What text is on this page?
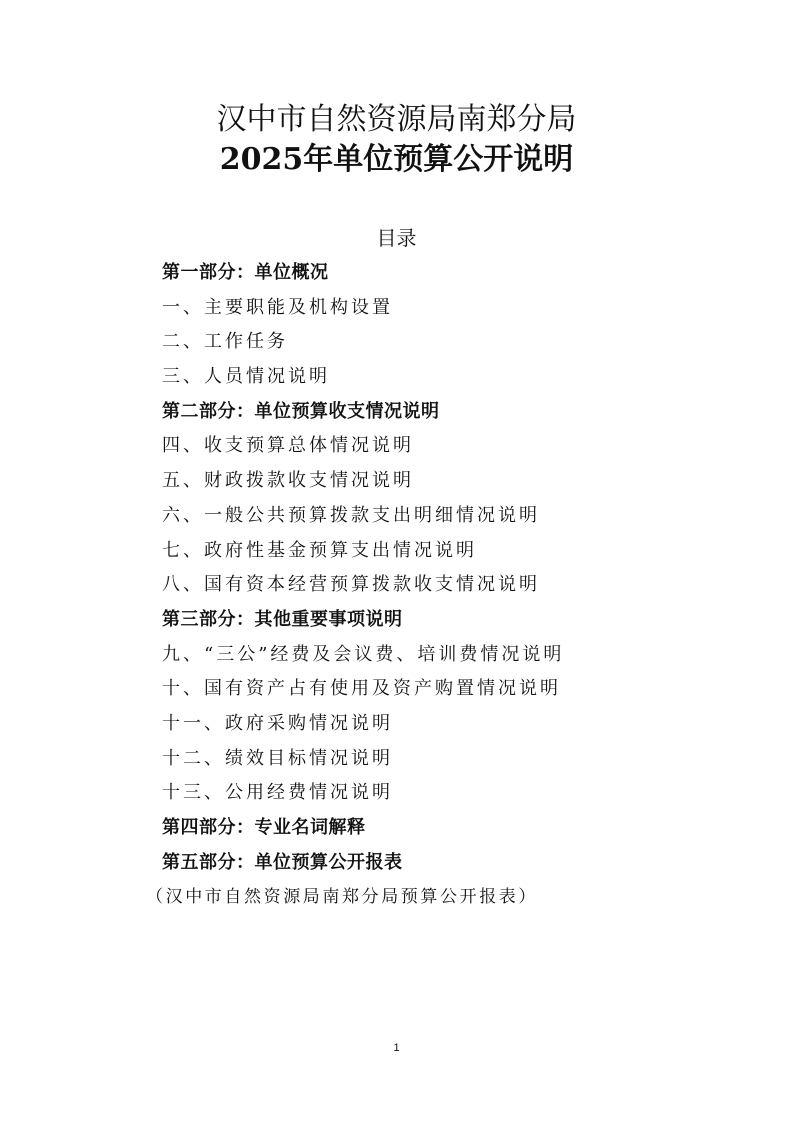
汉中市自然资源局南郑分局
2025年单位预算公开说明
目录
第一部分：单位概况
一、主要职能及机构设置
二、工作任务
三、人员情况说明
第二部分：单位预算收支情况说明
四、收支预算总体情况说明
五、财政拨款收支情况说明
六、一般公共预算拨款支出明细情况说明
七、政府性基金预算支出情况说明
八、国有资本经营预算拨款收支情况说明
第三部分：其他重要事项说明
九、“三公”经费及会议费、培训费情况说明
十、国有资产占有使用及资产购置情况说明
十一、政府采购情况说明
十二、绩效目标情况说明
十三、公用经费情况说明
第四部分：专业名词解释
第五部分：单位预算公开报表
（汉中市自然资源局南郑分局预算公开报表）
1
